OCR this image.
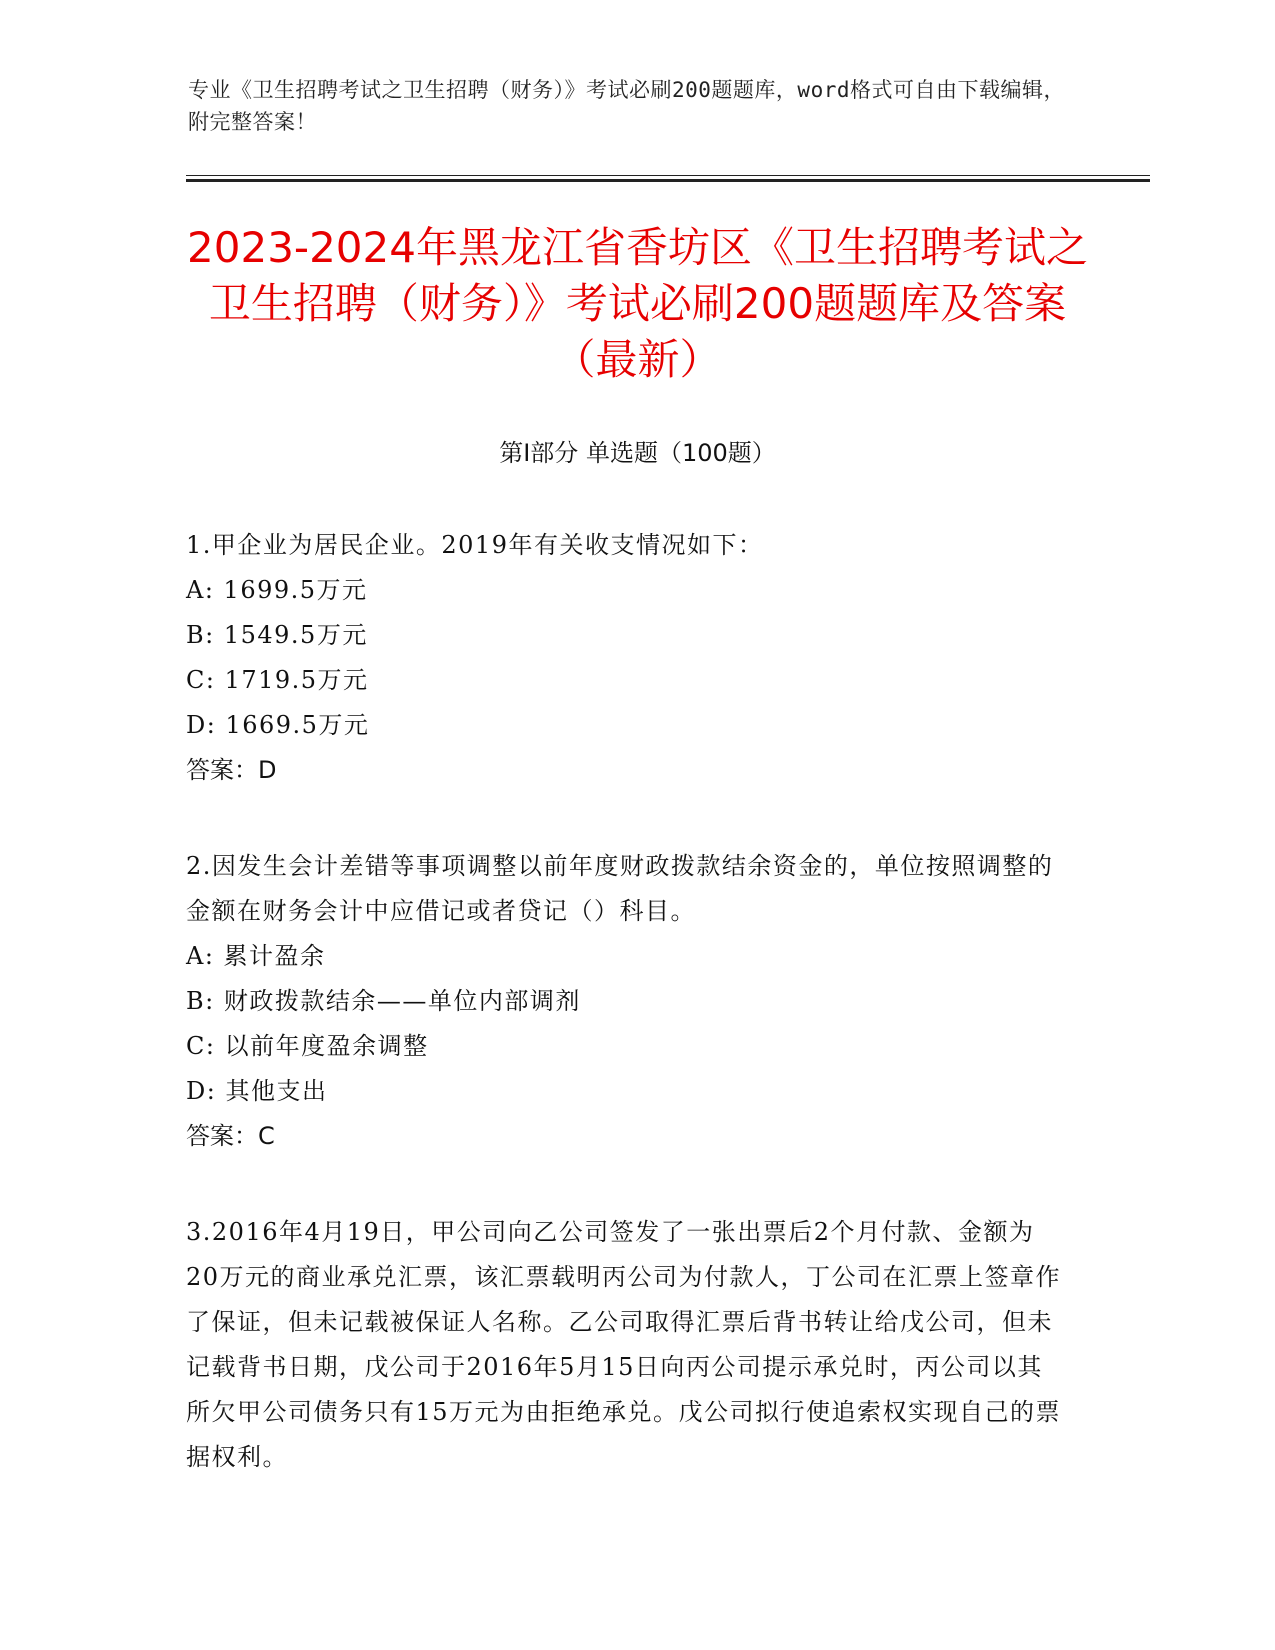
专业《卫生招聘考试之卫生招聘（财务）》考试必刷200题题库，word格式可自由下载编辑，附完整答案！
2023-2024年黑龙江省香坊区《卫生招聘考试之卫生招聘（财务）》考试必刷200题题库及答案（最新）
第Ⅰ部分 单选题（100题）
1.甲企业为居民企业。2019年有关收支情况如下：
A: 1699.5万元
B: 1549.5万元
C: 1719.5万元
D: 1669.5万元
答案：D
2.因发生会计差错等事项调整以前年度财政拨款结余资金的，单位按照调整的金额在财务会计中应借记或者贷记（）科目。
A: 累计盈余
B: 财政拨款结余——单位内部调剂
C: 以前年度盈余调整
D: 其他支出
答案：C
3.2016年4月19日，甲公司向乙公司签发了一张出票后2个月付款、金额为20万元的商业承兑汇票，该汇票载明丙公司为付款人，丁公司在汇票上签章作了保证，但未记载被保证人名称。乙公司取得汇票后背书转让给戊公司，但未记载背书日期，戊公司于2016年5月15日向丙公司提示承兑时，丙公司以其所欠甲公司债务只有15万元为由拒绝承兑。戊公司拟行使追索权实现自己的票据权利。
